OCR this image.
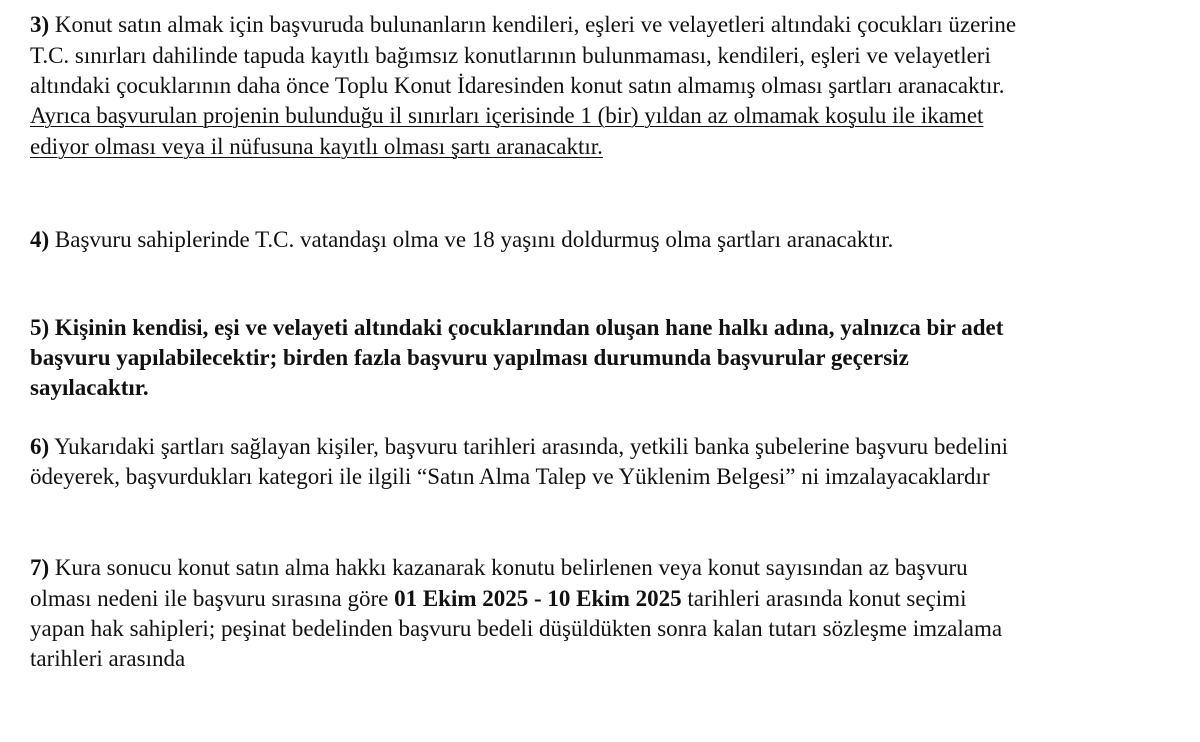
3) Konut satın almak için başvuruda bulunanların kendileri, eşleri ve velayetleri altındaki çocukları üzerine
T.C. sınırları dahilinde tapuda kayıtlı bağımsız konutlarının bulunmaması, kendileri, eşleri ve velayetleri
altındaki çocuklarının daha önce Toplu Konut İdaresinden konut satın almamış olması şartları aranacaktır.
Ayrıca başvurulan projenin bulunduğu il sınırları içerisinde 1 (bir) yıldan az olmamak koşulu ile ikamet
ediyor olması veya il nüfusuna kayıtlı olması şartı aranacaktır.
4) Başvuru sahiplerinde T.C. vatandaşı olma ve 18 yaşını doldurmuş olma şartları aranacaktır.
5) Kişinin kendisi, eşi ve velayeti altındaki çocuklarından oluşan hane halkı adına, yalnızca bir adet
başvuru yapılabilecektir; birden fazla başvuru yapılması durumunda başvurular geçersiz
sayılacaktır.
6) Yukarıdaki şartları sağlayan kişiler, başvuru tarihleri arasında, yetkili banka şubelerine başvuru bedelini
ödeyerek, başvurdukları kategori ile ilgili “Satın Alma Talep ve Yüklenim Belgesi” ni imzalayacaklardır
7) Kura sonucu konut satın alma hakkı kazanarak konutu belirlenen veya konut sayısından az başvuru
olması nedeni ile başvuru sırasına göre 01 Ekim 2025 - 10 Ekim 2025 tarihleri arasında konut seçimi
yapan hak sahipleri; peşinat bedelinden başvuru bedeli düşüldükten sonra kalan tutarı sözleşme imzalama
tarihleri arasında
